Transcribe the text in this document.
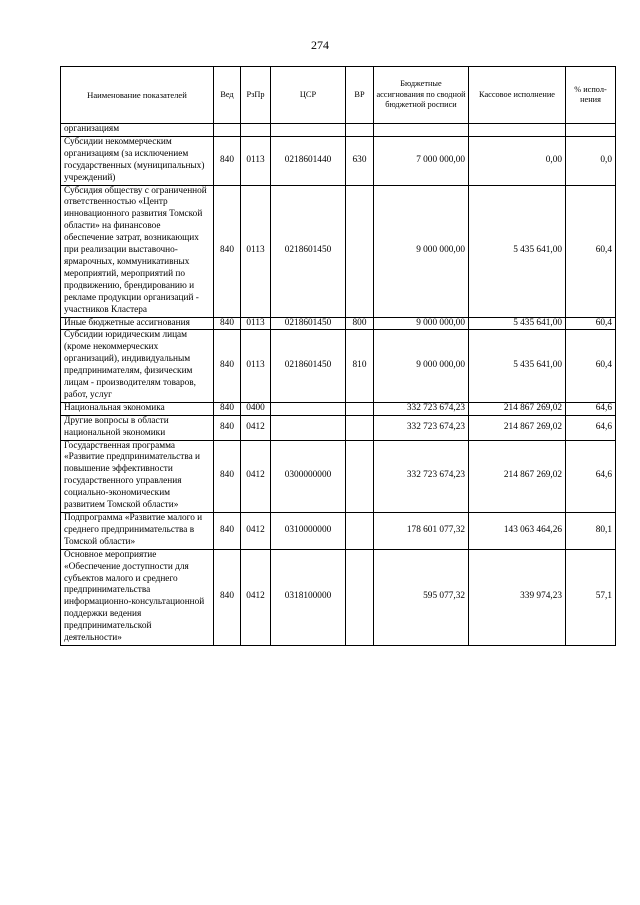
274
Наименование показателей	Вед	РзПр	ЦСР	ВР	Бюджетные ассигнования по сводной бюджетной росписи	Кассовое исполнение	% испол-нения
организациям							
Субсидии некоммерческим организациям (за исключением государственных (муниципальных) учреждений)	840	0113	0218601440	630	7 000 000,00	0,00	0,0
Субсидия обществу с ограниченной ответственностью «Центр инновационного развития Томской области» на финансовое обеспечение затрат, возникающих при реализации выставочно-ярмарочных, коммуникативных мероприятий, мероприятий по продвижению, брендированию и рекламе продукции организаций - участников Кластера	840	0113	0218601450		9 000 000,00	5 435 641,00	60,4
Иные бюджетные ассигнования	840	0113	0218601450	800	9 000 000,00	5 435 641,00	60,4
Субсидии юридическим лицам (кроме некоммерческих организаций), индивидуальным предпринимателям, физическим лицам - производителям товаров, работ, услуг	840	0113	0218601450	810	9 000 000,00	5 435 641,00	60,4
Национальная экономика	840	0400			332 723 674,23	214 867 269,02	64,6
Другие вопросы в области национальной экономики	840	0412			332 723 674,23	214 867 269,02	64,6
Государственная программа «Развитие предпринимательства и повышение эффективности государственного управления социально-экономическим развитием Томской области»	840	0412	0300000000		332 723 674,23	214 867 269,02	64,6
Подпрограмма «Развитие малого и среднего предпринимательства в Томской области»	840	0412	0310000000		178 601 077,32	143 063 464,26	80,1
Основное мероприятие «Обеспечение доступности для субъектов малого и среднего предпринимательства информационно-консультационной поддержки ведения предпринимательской деятельности»	840	0412	0318100000		595 077,32	339 974,23	57,1
